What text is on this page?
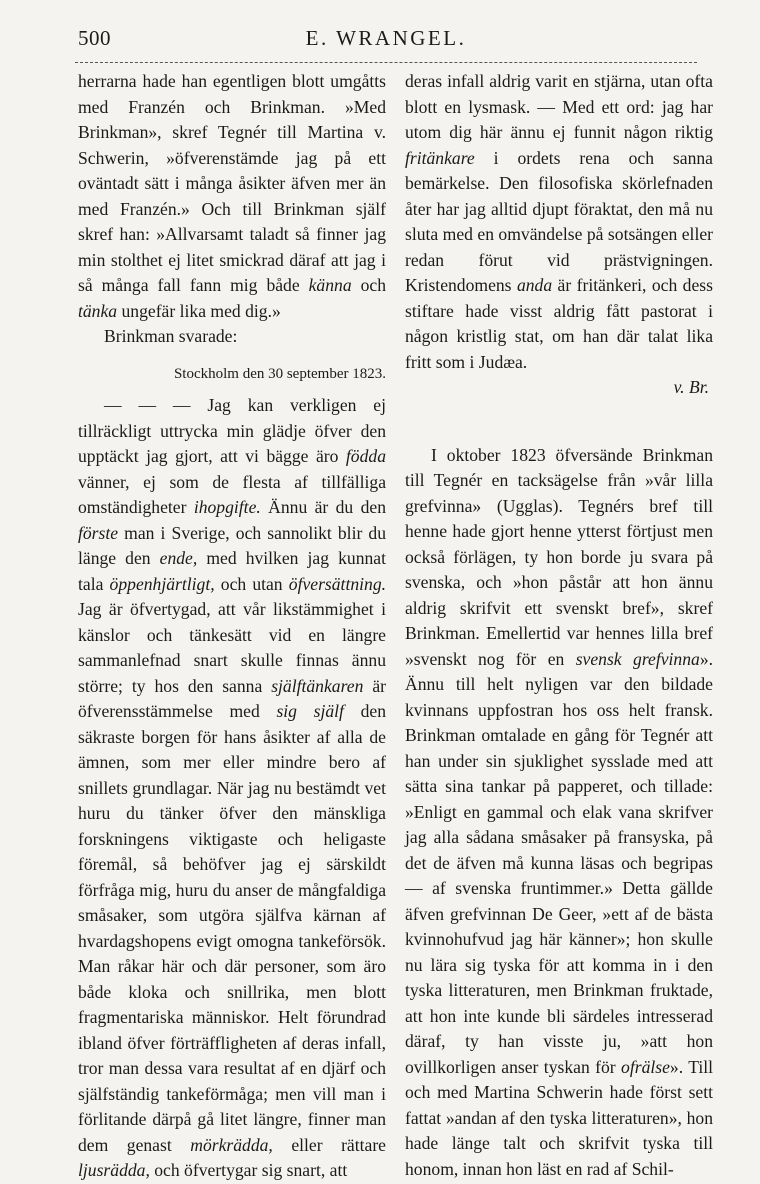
500	E. WRANGEL.

herrarna hade han egentligen blott umgåtts med Franzén och Brinkman. »Med Brinkman», skref Tegnér till Martina v. Schwerin, »öfverenstämde jag på ett oväntadt sätt i många åsikter äfven mer än med Franzén.» Och till Brinkman själf skref han: »Allvarsamt taladt så finner jag min stolthet ej litet smickrad däraf att jag i så många fall fann mig både känna och tänka ungefär lika med dig.»

Brinkman svarade:

Stockholm den 30 september 1823.

— — — Jag kan verkligen ej tillräckligt uttrycka min glädje öfver den upptäckt jag gjort, att vi bägge äro födda vänner, ej som de flesta af tillfälliga omständigheter ihopgifte. Ännu är du den förste man i Sverige, och sannolikt blir du länge den ende, med hvilken jag kunnat tala öppenhjärtligt, och utan öfversättning. Jag är öfvertygad, att vår likstämmighet i känslor och tänkesätt vid en längre sammanlefnad snart skulle finnas ännu större; ty hos den sanna själftänkaren är öfverensstämmelse med sig själf den säkraste borgen för hans åsikter af alla de ämnen, som mer eller mindre bero af snillets grundlagar. När jag nu bestämdt vet huru du tänker öfver den mänskliga forskningens viktigaste och heligaste föremål, så behöfver jag ej särskildt förfråga mig, huru du anser de mångfaldiga småsaker, som utgöra själfva kärnan af hvardagshopens evigt omogna tankeförsök. Man råkar här och där personer, som äro både kloka och snillrika, men blott fragmentariska människor. Helt förundrad ibland öfver förträffligheten af deras infall, tror man dessa vara resultat af en djärf och själfständig tankeförmåga; men vill man i förlitande därpå gå litet längre, finner man dem genast mörkrädda, eller rättare ljusrädda, och öfvertygar sig snart, att

deras infall aldrig varit en stjärna, utan ofta blott en lysmask. — Med ett ord: jag har utom dig här ännu ej funnit någon riktig fritänkare i ordets rena och sanna bemärkelse. Den filosofiska skörlefnaden åter har jag alltid djupt föraktat, den må nu sluta med en omvändelse på sotsängen eller redan förut vid prästvigningen. Kristendomens anda är fritänkeri, och dess stiftare hade visst aldrig fått pastorat i någon kristlig stat, om han där talat lika fritt som i Judæa.

v. Br.

I oktober 1823 öfversände Brinkman till Tegnér en tacksägelse från »vår lilla grefvinna» (Ugglas). Tegnérs bref till henne hade gjort henne ytterst förtjust men också förlägen, ty hon borde ju svara på svenska, och »hon påstår att hon ännu aldrig skrifvit ett svenskt bref», skref Brinkman. Emellertid var hennes lilla bref »svenskt nog för en svensk grefvinna». Ännu till helt nyligen var den bildade kvinnans uppfostran hos oss helt fransk. Brinkman omtalade en gång för Tegnér att han under sin sjuklighet sysslade med att sätta sina tankar på papperet, och tillade: »Enligt en gammal och elak vana skrifver jag alla sådana småsaker på fransyska, på det de äfven må kunna läsas och begripas — af svenska fruntimmer.» Detta gällde äfven grefvinnan De Geer, »ett af de bästa kvinnohufvud jag här känner»; hon skulle nu lära sig tyska för att komma in i den tyska litteraturen, men Brinkman fruktade, att hon inte kunde bli särdeles intresserad däraf, ty han visste ju, »att hon ovillkorligen anser tyskan för ofrälse». Till och med Martina Schwerin hade först sett fattat »andan af den tyska litteraturen», hon hade länge talt och skrifvit tyska till honom, innan hon läst en rad af Schil-
